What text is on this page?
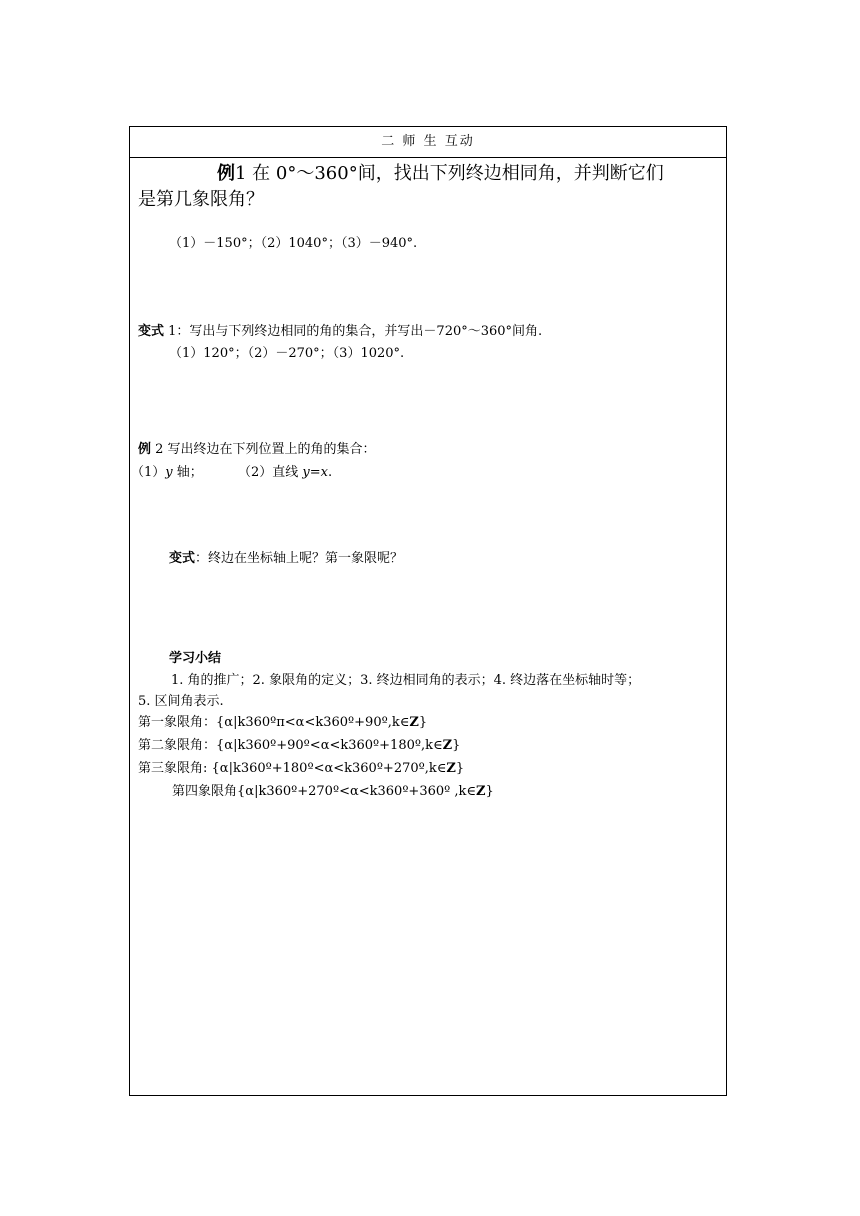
二 师 生 互动
例1 在 0°～360°间，找出下列终边相同角，并判断它们
是第几象限角？
（1）－150°；（2）1040°；（3）－940°.
变式 1：写出与下列终边相同的角的集合，并写出－720°～360°间角.
（1）120°；（2）－270°；（3）1020°.
例 2 写出终边在下列位置上的角的集合：
（1）y 轴；	（2）直线 y=x.
变式：终边在坐标轴上呢？第一象限呢？
学习小结
1. 角的推广；2. 象限角的定义；3. 终边相同角的表示；4. 终边落在坐标轴时等；
5. 区间角表示.
第一象限角：{α|k360ºπ<α<k360º+90º,k∈Z}
第二象限角：{α|k360º+90º<α<k360º+180º,k∈Z}
第三象限角: {α|k360º+180º<α<k360º+270º,k∈Z}
第四象限角{α|k360º+270º<α<k360º+360º ,k∈Z}
